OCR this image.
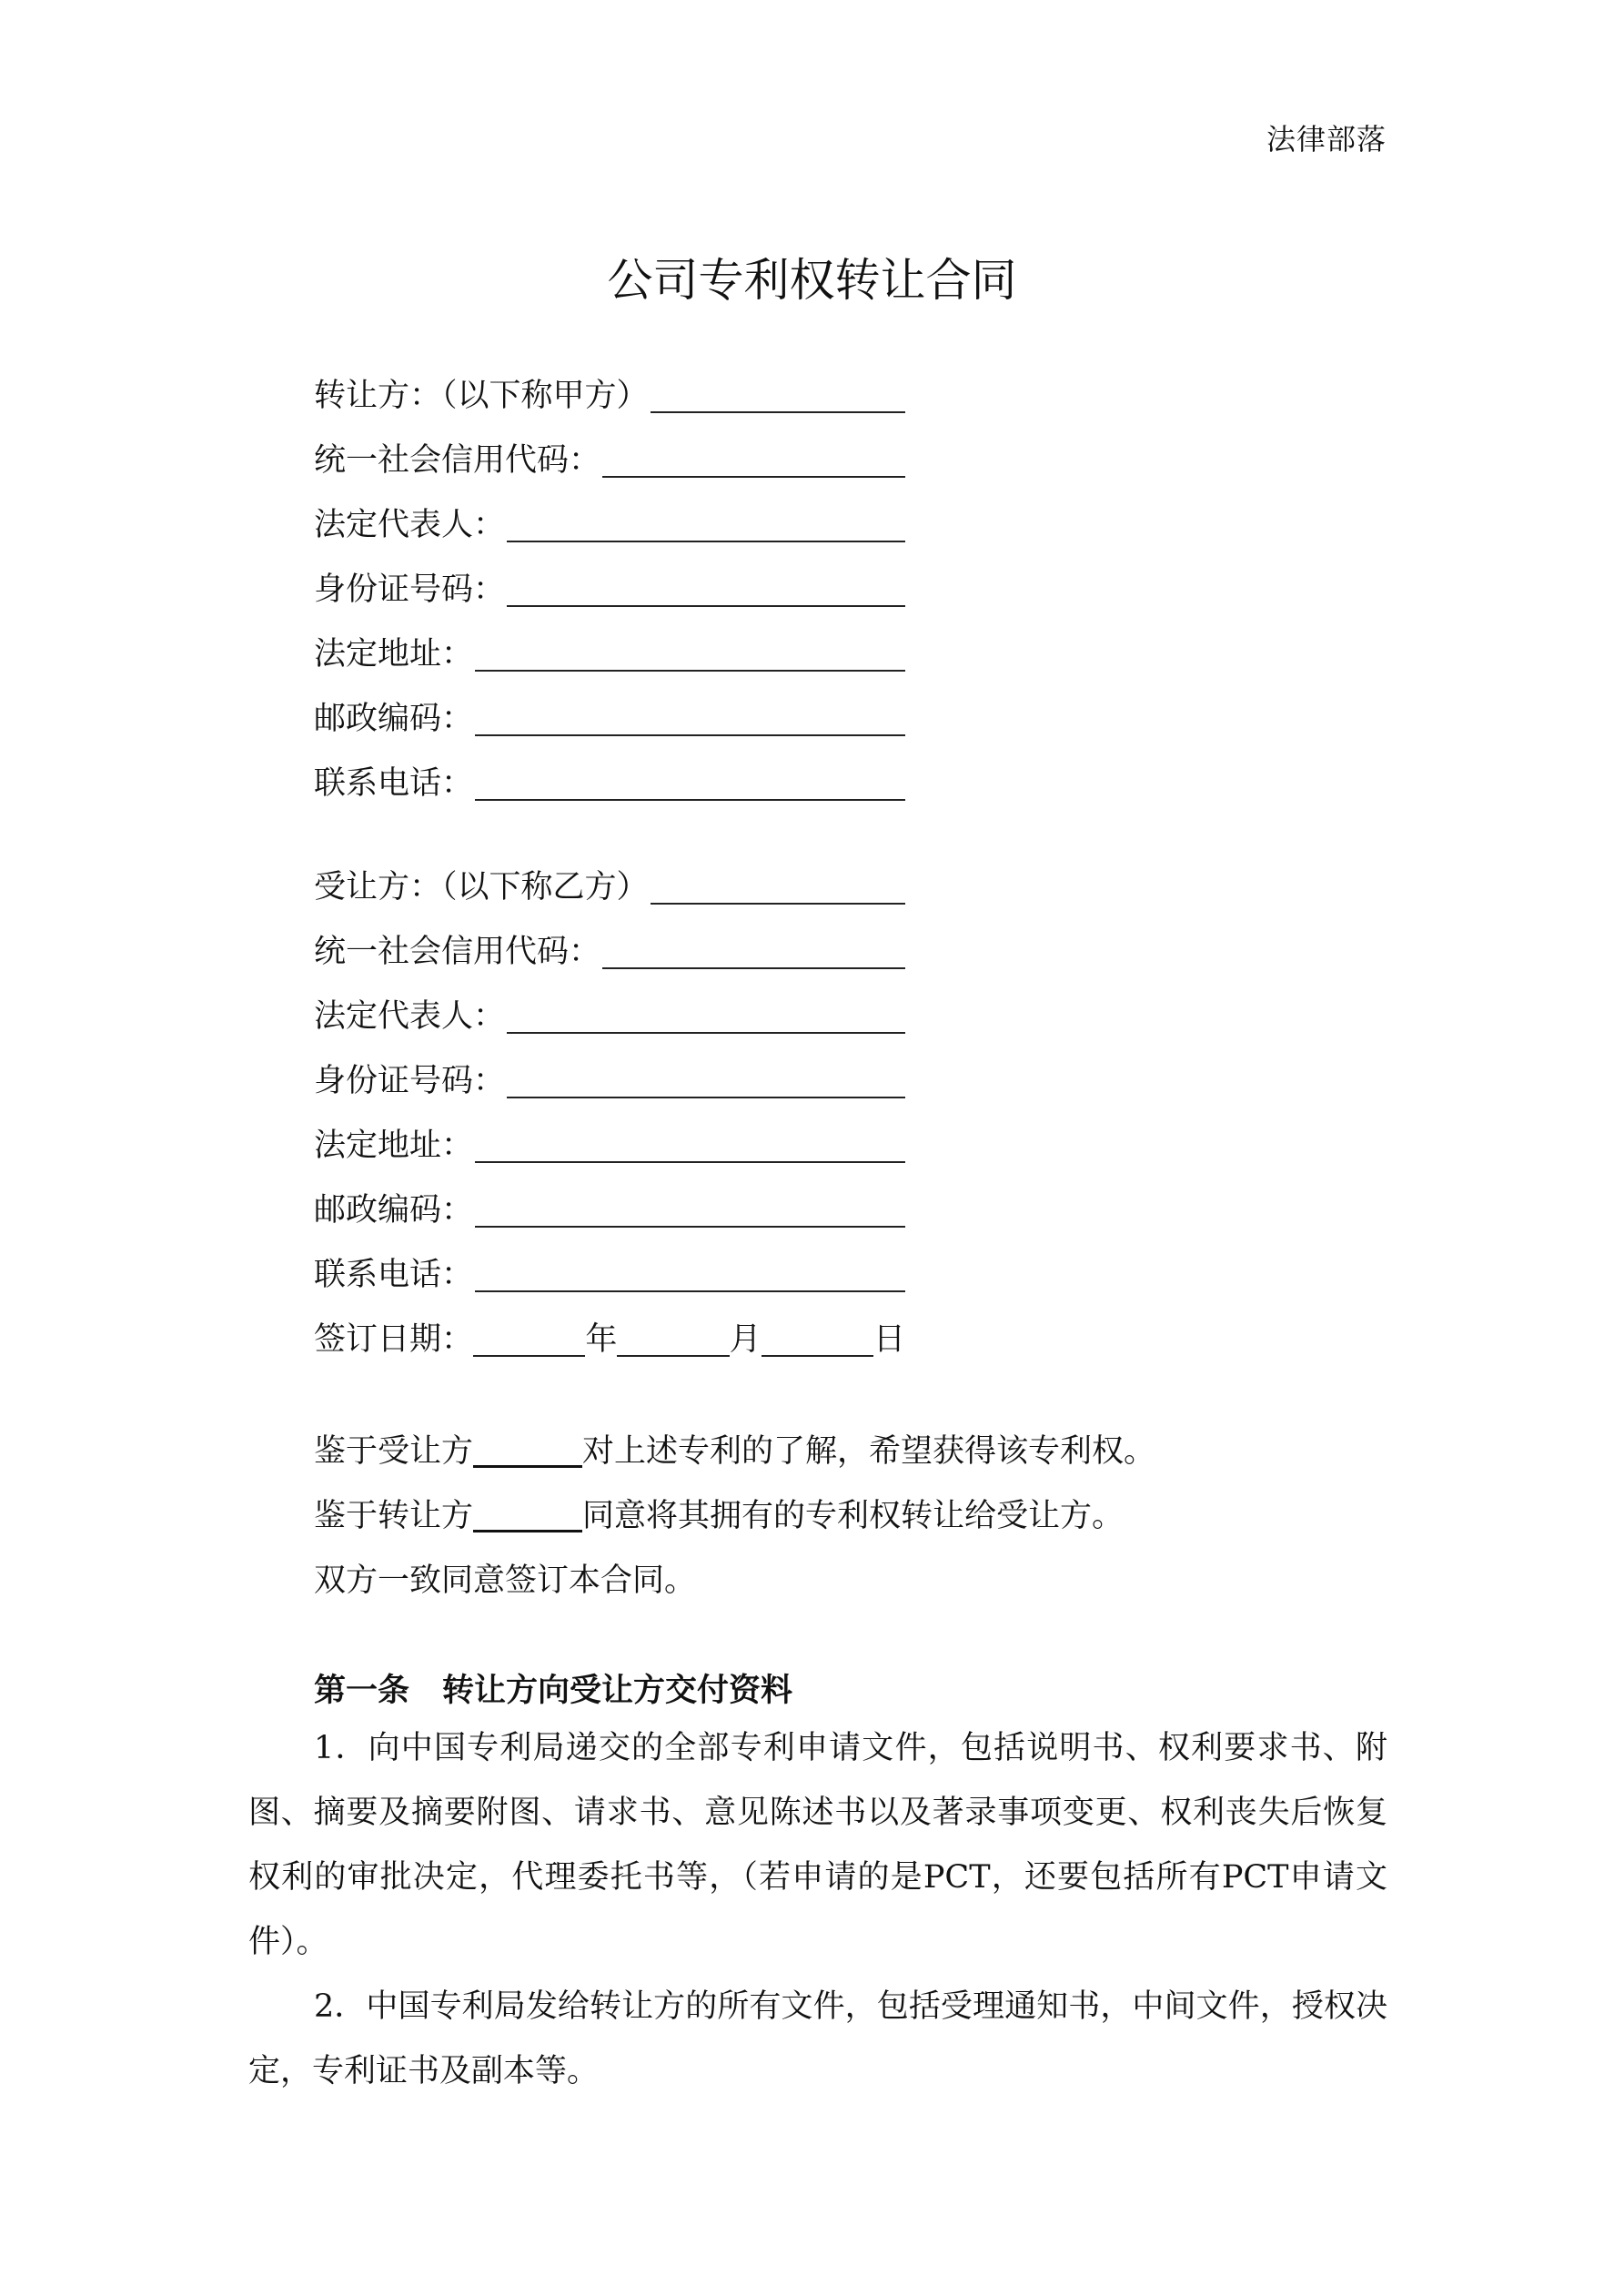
法律部落
公司专利权转让合同
转让方：（以下称甲方）
统一社会信用代码：
法定代表人：
身份证号码：
法定地址：
邮政编码：
联系电话：
受让方：（以下称乙方）
统一社会信用代码：
法定代表人：
身份证号码：
法定地址：
邮政编码：
联系电话：
签订日期：	年	月	日
鉴于受让方	对上述专利的了解，希望获得该专利权。
鉴于转让方	同意将其拥有的专利权转让给受让方。
双方一致同意签订本合同。
第一条 转让方向受让方交付资料
1．向中国专利局递交的全部专利申请文件，包括说明书、权利要求书、附图、摘要及摘要附图、请求书、意见陈述书以及著录事项变更、权利丧失后恢复权利的审批决定，代理委托书等，（若申请的是PCT，还要包括所有PCT申请文件）。
2．中国专利局发给转让方的所有文件，包括受理通知书，中间文件，授权决定，专利证书及副本等。
